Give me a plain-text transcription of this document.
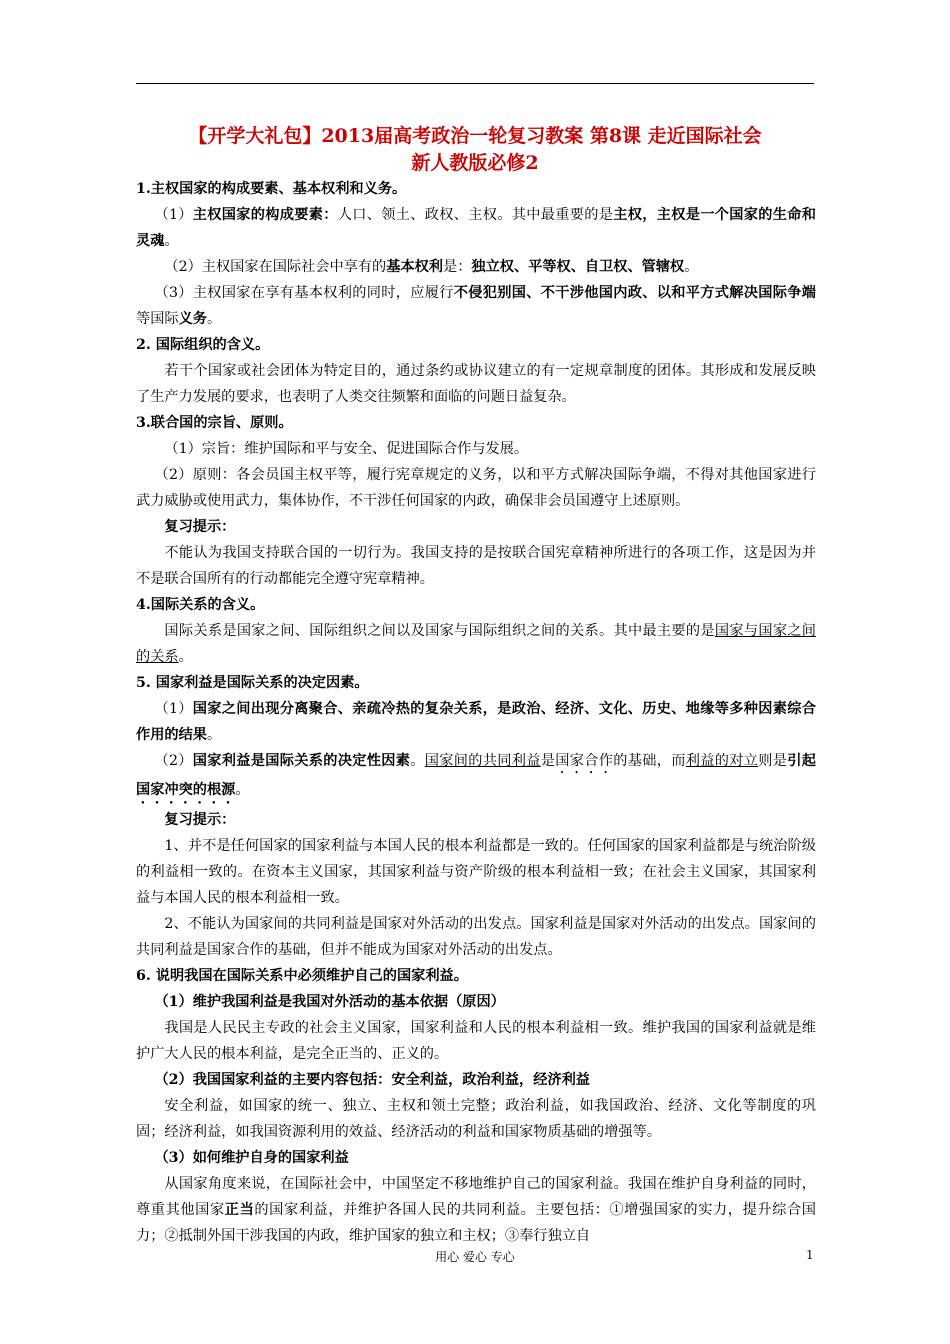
【开学大礼包】2013届高考政治一轮复习教案 第8课 走近国际社会
新人教版必修2

1.主权国家的构成要素、基本权利和义务。

（1）主权国家的构成要素：人口、领土、政权、主权。其中最重要的是主权，主权是一个国家的生命和灵魂。

（2）主权国家在国际社会中享有的基本权利是：独立权、平等权、自卫权、管辖权。

（3）主权国家在享有基本权利的同时，应履行不侵犯别国、不干涉他国内政、以和平方式解决国际争端等国际义务。

2. 国际组织的含义。

若干个国家或社会团体为特定目的，通过条约或协议建立的有一定规章制度的团体。其形成和发展反映了生产力发展的要求，也表明了人类交往频繁和面临的问题日益复杂。

3.联合国的宗旨、原则。

（1）宗旨：维护国际和平与安全、促进国际合作与发展。

（2）原则：各会员国主权平等，履行宪章规定的义务，以和平方式解决国际争端，不得对其他国家进行武力威胁或使用武力，集体协作，不干涉任何国家的内政，确保非会员国遵守上述原则。

复习提示：

不能认为我国支持联合国的一切行为。我国支持的是按联合国宪章精神所进行的各项工作，这是因为并不是联合国所有的行动都能完全遵守宪章精神。

4.国际关系的含义。

国际关系是国家之间、国际组织之间以及国家与国际组织之间的关系。其中最主要的是国家与国家之间的关系。

5. 国家利益是国际关系的决定因素。

（1）国家之间出现分离聚合、亲疏冷热的复杂关系，是政治、经济、文化、历史、地缘等多种因素综合作用的结果。

（2）国家利益是国际关系的决定性因素。国家间的共同利益是国家合作的基础，而利益的对立则是引起国家冲突的根源。

复习提示：

1、并不是任何国家的国家利益与本国人民的根本利益都是一致的。任何国家的国家利益都是与统治阶级的利益相一致的。在资本主义国家，其国家利益与资产阶级的根本利益相一致；在社会主义国家，其国家利益与本国人民的根本利益相一致。

2、不能认为国家间的共同利益是国家对外活动的出发点。国家利益是国家对外活动的出发点。国家间的共同利益是国家合作的基础，但并不能成为国家对外活动的出发点。

6. 说明我国在国际关系中必须维护自己的国家利益。

（1）维护我国利益是我国对外活动的基本依据（原因）

我国是人民民主专政的社会主义国家，国家利益和人民的根本利益相一致。维护我国的国家利益就是维护广大人民的根本利益，是完全正当的、正义的。

（2）我国国家利益的主要内容包括：安全利益，政治利益，经济利益

安全利益，如国家的统一、独立、主权和领土完整；政治利益，如我国政治、经济、文化等制度的巩固；经济利益，如我国资源利用的效益、经济活动的利益和国家物质基础的增强等。

（3）如何维护自身的国家利益

从国家角度来说，在国际社会中，中国坚定不移地维护自己的国家利益。我国在维护自身利益的同时，尊重其他国家正当的国家利益，并维护各国人民的共同利益。主要包括：①增强国家的实力，提升综合国力；②抵制外国干涉我国的内政，维护国家的独立和主权；③奉行独立自

用心 爱心 专心	1
